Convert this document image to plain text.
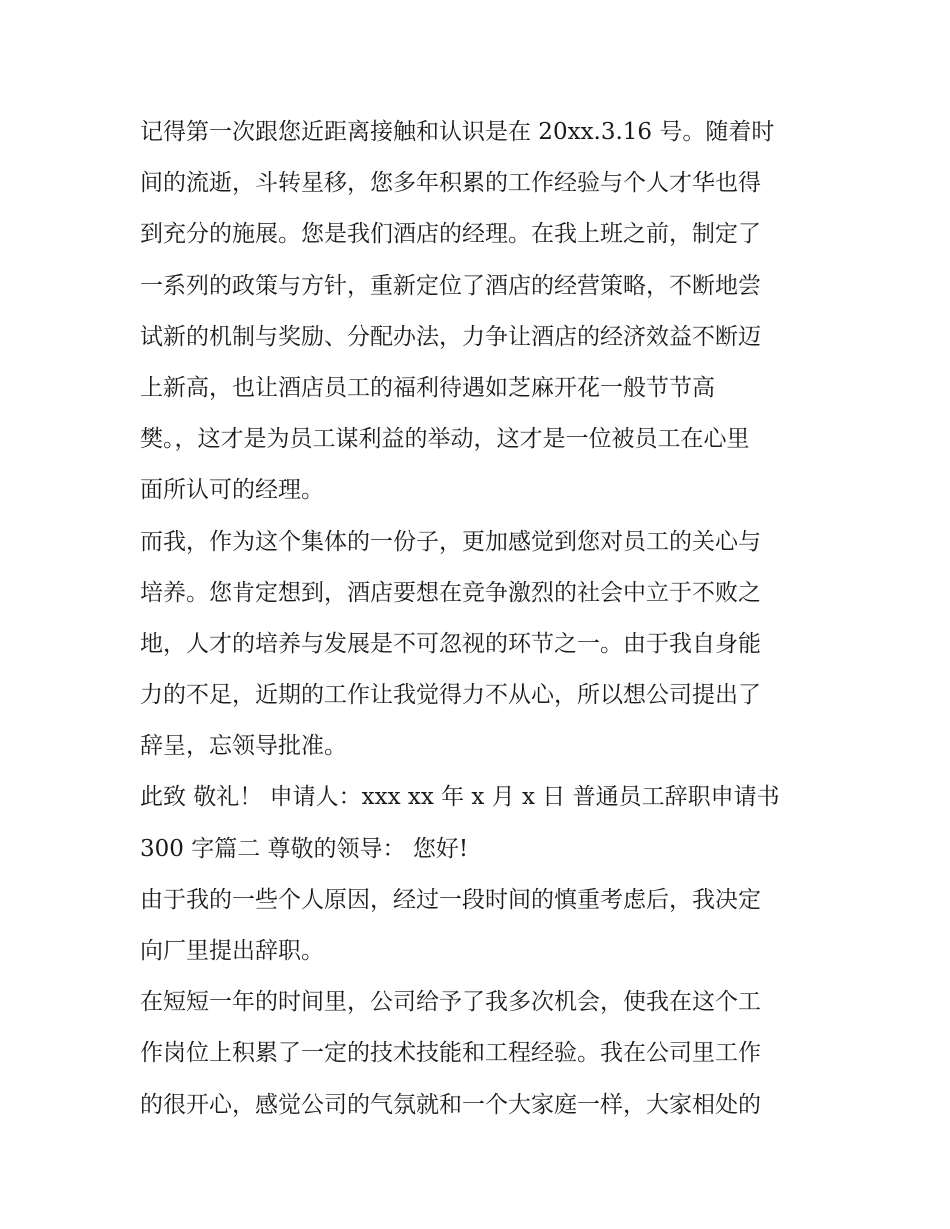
记得第一次跟您近距离接触和认识是在 20xx.3.16 号。随着时
间的流逝，斗转星移，您多年积累的工作经验与个人才华也得
到充分的施展。您是我们酒店的经理。在我上班之前，制定了
一系列的政策与方针，重新定位了酒店的经营策略，不断地尝
试新的机制与奖励、分配办法，力争让酒店的经济效益不断迈
上新高，也让酒店员工的福利待遇如芝麻开花一般节节高
樊。，这才是为员工谋利益的举动，这才是一位被员工在心里
面所认可的经理。
而我，作为这个集体的一份子，更加感觉到您对员工的关心与
培养。您肯定想到，酒店要想在竞争激烈的社会中立于不败之
地，人才的培养与发展是不可忽视的环节之一。由于我自身能
力的不足，近期的工作让我觉得力不从心，所以想公司提出了
辞呈，忘领导批准。
此致 敬礼！ 申请人：xxx xx 年 x 月 x 日 普通员工辞职申请书
300 字篇二 尊敬的领导： 您好!
由于我的一些个人原因，经过一段时间的慎重考虑后，我决定
向厂里提出辞职。
在短短一年的时间里，公司给予了我多次机会，使我在这个工
作岗位上积累了一定的技术技能和工程经验。我在公司里工作
的很开心，感觉公司的气氛就和一个大家庭一样，大家相处的
